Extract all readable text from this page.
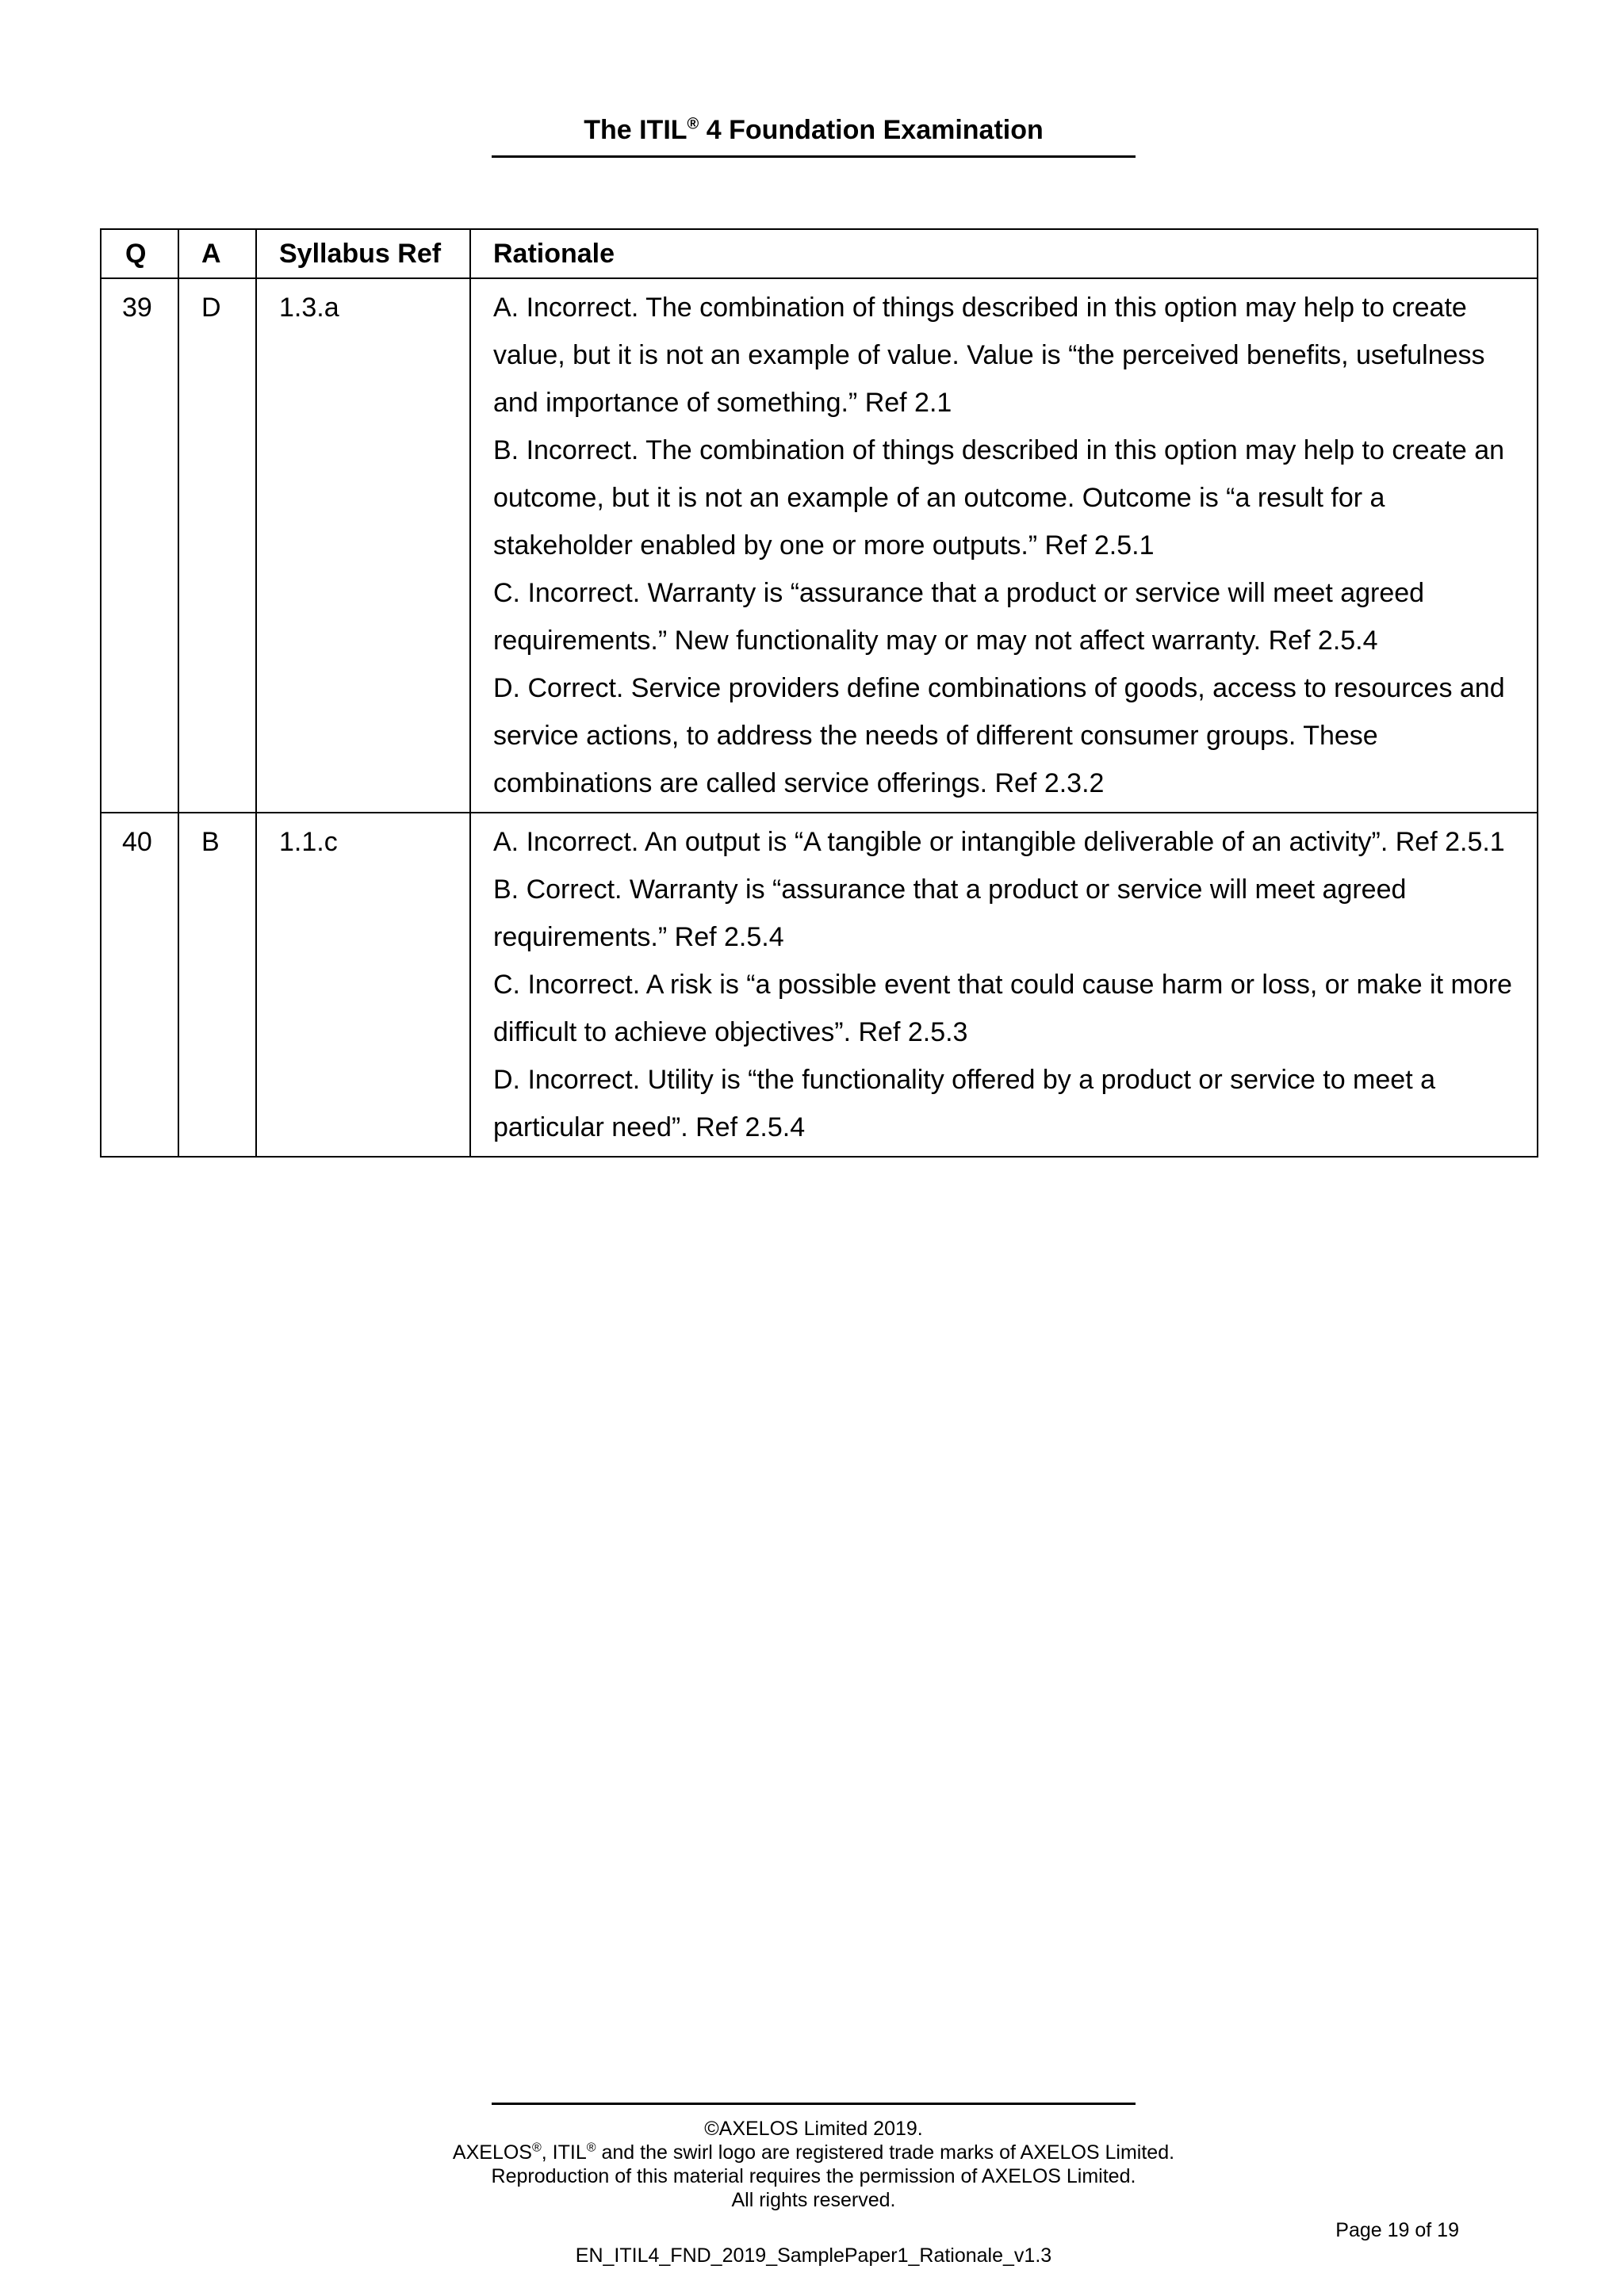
The ITIL® 4 Foundation Examination
Q	A	Syllabus Ref	Rationale
39	D	1.3.a	A. Incorrect. The combination of things described in this option may help to create value, but it is not an example of value. Value is “the perceived benefits, usefulness and importance of something.” Ref 2.1
B. Incorrect. The combination of things described in this option may help to create an outcome, but it is not an example of an outcome. Outcome is “a result for a stakeholder enabled by one or more outputs.” Ref 2.5.1
C. Incorrect. Warranty is “assurance that a product or service will meet agreed requirements.” New functionality may or may not affect warranty. Ref 2.5.4
D. Correct. Service providers define combinations of goods, access to resources and service actions, to address the needs of different consumer groups. These combinations are called service offerings. Ref 2.3.2

40	B	1.1.c	A. Incorrect. An output is “A tangible or intangible deliverable of an activity”. Ref 2.5.1
B. Correct. Warranty is “assurance that a product or service will meet agreed requirements.” Ref 2.5.4
C. Incorrect. A risk is “a possible event that could cause harm or loss, or make it more difficult to achieve objectives”. Ref 2.5.3
D. Incorrect. Utility is “the functionality offered by a product or service to meet a particular need”. Ref 2.5.4
©AXELOS Limited 2019.
AXELOS®, ITIL® and the swirl logo are registered trade marks of AXELOS Limited.
Reproduction of this material requires the permission of AXELOS Limited.
All rights reserved.
Page 19 of 19
EN_ITIL4_FND_2019_SamplePaper1_Rationale_v1.3
